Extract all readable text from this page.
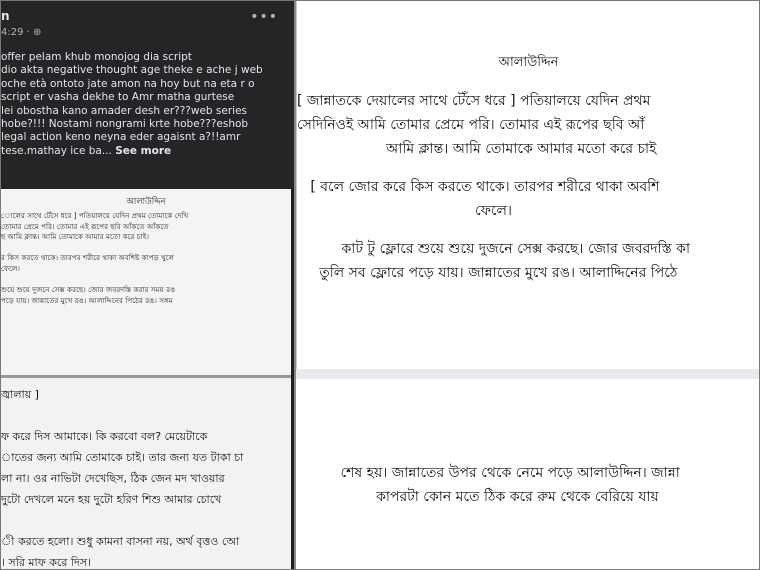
n
4:29 · ⊕
•••
offer pelam khub monojog dia script
dio akta negative thought age theke e ache j web
oche età ontoto jate amon na hoy but na eta r o
script er vasha dekhe to Amr matha gurtese
lei obostha kano amader desh er???web series
hobe?!!! Nostami nongrami krte hobe???eshob
legal action keno neyna eder agaisnt a?!!amr
tese.mathay ice ba... See more
আলাউদ্দিন
োলের সাথে টেঁসে ধরে ] পতিয়ালয়ে যেদিন প্রথম তোমাকে দেখি
তোমার প্রেমে পরি। তোমার এই রূপের ছবি আঁকতে আঁকতে
ছ আমি ক্লান্ত। আমি তোমাকে আমার মতো করে চাই।

র কিস করতে থাকে। তারপর শরীরে থাকা অবশিষ্ট কাপড় খুলে
ফেলে।

শুয়ে শুয়ে দুজনে সেক্স করছে। জোর জবরদস্তি করার সময় রঙ
পড়ে যায়। জান্নাতের মুখে রঙ। আলাদ্দিনের পিঠের রঙ। সঙ্গম
জ্বালায় ]

ফ করে দিস আমাকে। কি করবো বল? মেয়েটাকে
াতের জন্য আমি তোমাকে চাই। তার জন্য যত টাকা চা
লা না। ওর নাভিটা দেখেছিস, ঠিক জেন মদ খাওয়ার
দুটো দেখলে মনে হয় দুটো হরিণ শিশু আমার চোখে

ী করতে হলো। শুধু কামনা বাসনা নয়, অর্থ বৃত্তও আে
। সরি মাফ করে দিস।
আলাউদ্দিন
[ জান্নাতকে দেয়ালের সাথে টেঁসে ধরে ] পতিয়ালয়ে যেদিন প্রথম
সেদিনিওই আমি তোমার প্রেমে পরি। তোমার এই রূপের ছবি আঁ
আমি ক্লান্ত। আমি তোমাকে আমার মতো করে চাই
[ বলে জোর করে কিস করতে থাকে। তারপর শরীরে থাকা অবশি
ফেলে।
কাট টু ফ্লোরে শুয়ে শুয়ে দুজনে সেক্স করছে। জোর জবরদস্তি কা
তুলি সব ফ্লোরে পড়ে যায়। জান্নাতের মুখে রঙ। আলাদ্দিনের পিঠে
শেষ হয়। জান্নাতের উপর থেকে নেমে পড়ে আলাউদ্দিন। জান্না
কাপরটা কোন মতে ঠিক করে রুম থেকে বেরিয়ে যায়
